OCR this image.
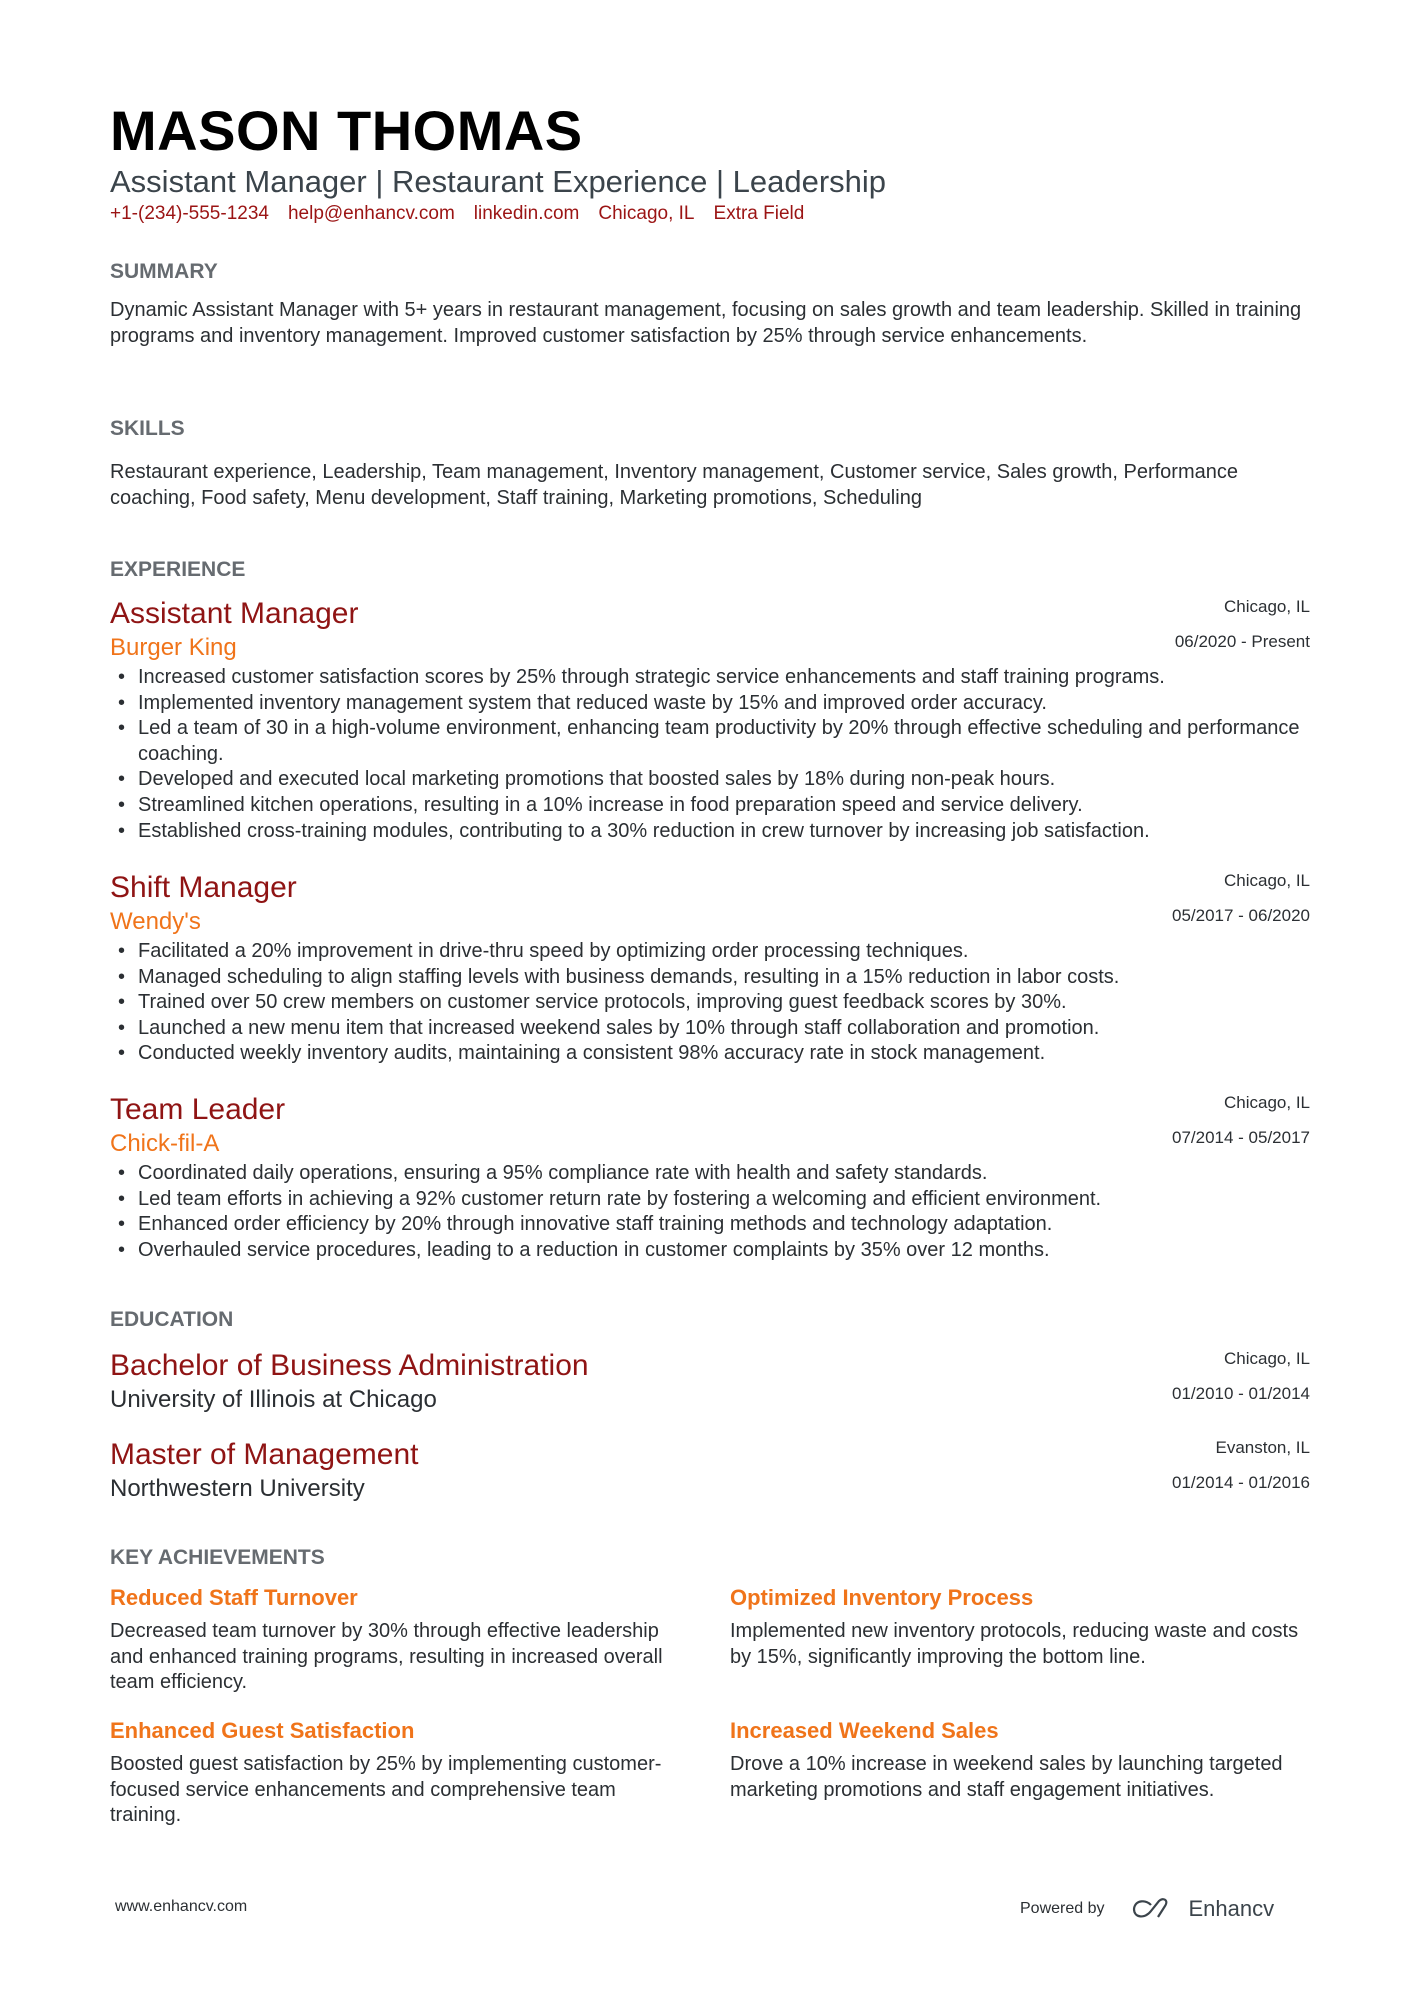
MASON THOMAS
Assistant Manager | Restaurant Experience | Leadership
+1-(234)-555-1234 help@enhancv.com linkedin.com Chicago, IL Extra Field
SUMMARY
Dynamic Assistant Manager with 5+ years in restaurant management, focusing on sales growth and team leadership. Skilled in training programs and inventory management. Improved customer satisfaction by 25% through service enhancements.
SKILLS
Restaurant experience, Leadership, Team management, Inventory management, Customer service, Sales growth, Performance coaching, Food safety, Menu development, Staff training, Marketing promotions, Scheduling
EXPERIENCE
Assistant Manager
Burger King
Chicago, IL
06/2020 - Present
• Increased customer satisfaction scores by 25% through strategic service enhancements and staff training programs.
• Implemented inventory management system that reduced waste by 15% and improved order accuracy.
• Led a team of 30 in a high-volume environment, enhancing team productivity by 20% through effective scheduling and performance coaching.
• Developed and executed local marketing promotions that boosted sales by 18% during non-peak hours.
• Streamlined kitchen operations, resulting in a 10% increase in food preparation speed and service delivery.
• Established cross-training modules, contributing to a 30% reduction in crew turnover by increasing job satisfaction.
Shift Manager
Wendy's
Chicago, IL
05/2017 - 06/2020
• Facilitated a 20% improvement in drive-thru speed by optimizing order processing techniques.
• Managed scheduling to align staffing levels with business demands, resulting in a 15% reduction in labor costs.
• Trained over 50 crew members on customer service protocols, improving guest feedback scores by 30%.
• Launched a new menu item that increased weekend sales by 10% through staff collaboration and promotion.
• Conducted weekly inventory audits, maintaining a consistent 98% accuracy rate in stock management.
Team Leader
Chick-fil-A
Chicago, IL
07/2014 - 05/2017
• Coordinated daily operations, ensuring a 95% compliance rate with health and safety standards.
• Led team efforts in achieving a 92% customer return rate by fostering a welcoming and efficient environment.
• Enhanced order efficiency by 20% through innovative staff training methods and technology adaptation.
• Overhauled service procedures, leading to a reduction in customer complaints by 35% over 12 months.
EDUCATION
Bachelor of Business Administration
University of Illinois at Chicago
Chicago, IL
01/2010 - 01/2014
Master of Management
Northwestern University
Evanston, IL
01/2014 - 01/2016
KEY ACHIEVEMENTS
Reduced Staff Turnover
Decreased team turnover by 30% through effective leadership and enhanced training programs, resulting in increased overall team efficiency.
Optimized Inventory Process
Implemented new inventory protocols, reducing waste and costs by 15%, significantly improving the bottom line.
Enhanced Guest Satisfaction
Boosted guest satisfaction by 25% by implementing customer-focused service enhancements and comprehensive team training.
Increased Weekend Sales
Drove a 10% increase in weekend sales by launching targeted marketing promotions and staff engagement initiatives.
www.enhancv.com	Powered by	Enhancv
